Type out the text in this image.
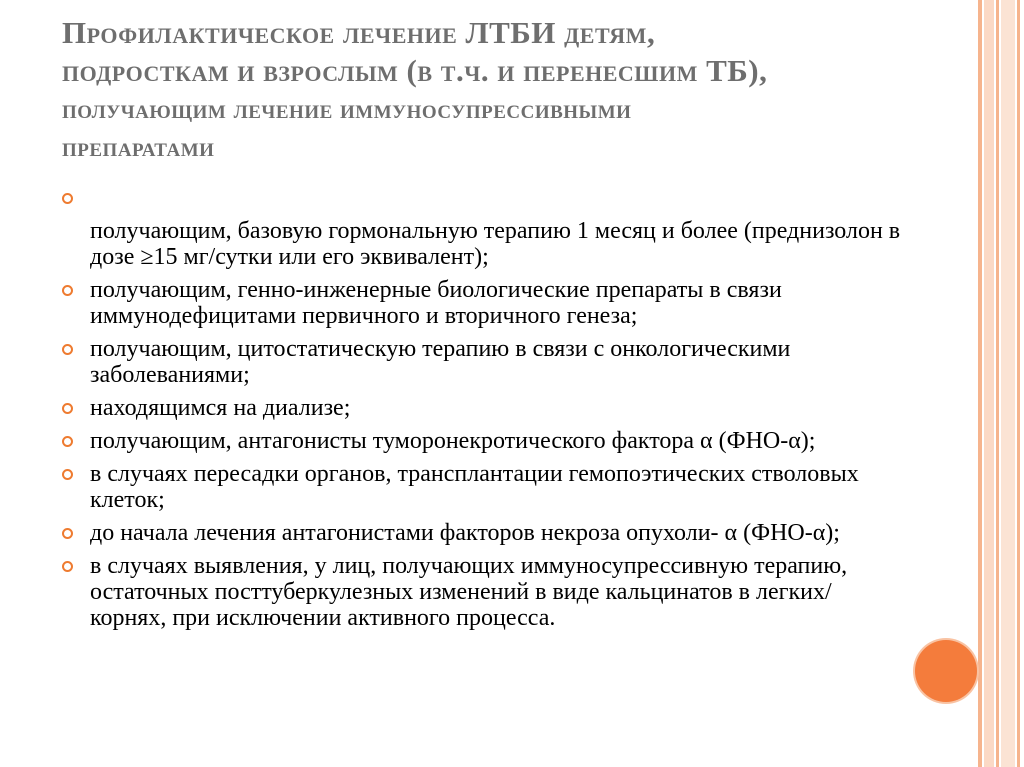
Профилактическое лечение ЛТБИ детям,
подросткам и взрослым (в т.ч. и перенесшим ТБ),
получающим лечение иммуносупрессивными
препаратами
получающим, базовую гормональную терапию 1 месяц и более (преднизолон в дозе ≥15 мг/сутки или его эквивалент);
получающим, генно-инженерные биологические препараты в связи иммунодефицитами первичного и вторичного генеза;
получающим, цитостатическую терапию в связи с онкологическими заболеваниями;
находящимся на диализе;
получающим, антагонисты туморонекротического фактора α (ФНО-α);
в случаях пересадки органов, трансплантации гемопоэтических стволовых клеток;
до начала лечения антагонистами факторов некроза опухоли- α (ФНО-α);
в случаях выявления, у лиц, получающих иммуносупрессивную терапию, остаточных посттуберкулезных изменений в виде кальцинатов в легких/корнях, при исключении активного процесса.
